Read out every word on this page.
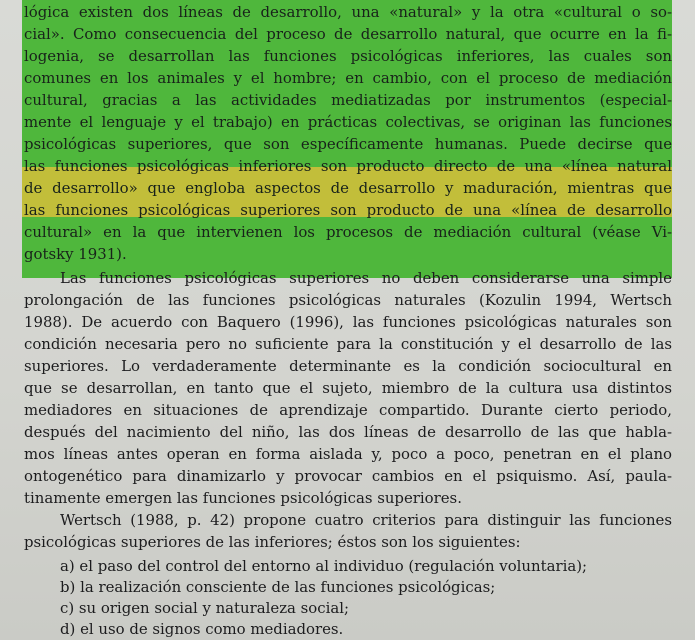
lógica existen dos líneas de desarrollo, una «natural» y la otra «cultural o so-
cial». Como consecuencia del proceso de desarrollo natural, que ocurre en la fi-
logenia, se desarrollan las funciones psicológicas inferiores, las cuales son
comunes en los animales y el hombre; en cambio, con el proceso de mediación
cultural, gracias a las actividades mediatizadas por instrumentos (especial-
mente el lenguaje y el trabajo) en prácticas colectivas, se originan las funciones
psicológicas superiores, que son específicamente humanas. Puede decirse que
las funciones psicológicas inferiores son producto directo de una «línea natural
de desarrollo» que engloba aspectos de desarrollo y maduración, mientras que
las funciones psicológicas superiores son producto de una «línea de desarrollo
cultural» en la que intervienen los procesos de mediación cultural (véase Vi-
gotsky 1931).
Las funciones psicológicas superiores no deben considerarse una simple
prolongación de las funciones psicológicas naturales (Kozulin 1994, Wertsch
1988). De acuerdo con Baquero (1996), las funciones psicológicas naturales son
condición necesaria pero no suficiente para la constitución y el desarrollo de las
superiores. Lo verdaderamente determinante es la condición sociocultural en
que se desarrollan, en tanto que el sujeto, miembro de la cultura usa distintos
mediadores en situaciones de aprendizaje compartido. Durante cierto periodo,
después del nacimiento del niño, las dos líneas de desarrollo de las que habla-
mos líneas antes operan en forma aislada y, poco a poco, penetran en el plano
ontogenético para dinamizarlo y provocar cambios en el psiquismo. Así, paula-
tinamente emergen las funciones psicológicas superiores.
Wertsch (1988, p. 42) propone cuatro criterios para distinguir las funciones
psicológicas superiores de las inferiores; éstos son los siguientes:
a) el paso del control del entorno al individuo (regulación voluntaria);
b) la realización consciente de las funciones psicológicas;
c) su origen social y naturaleza social;
d) el uso de signos como mediadores.
